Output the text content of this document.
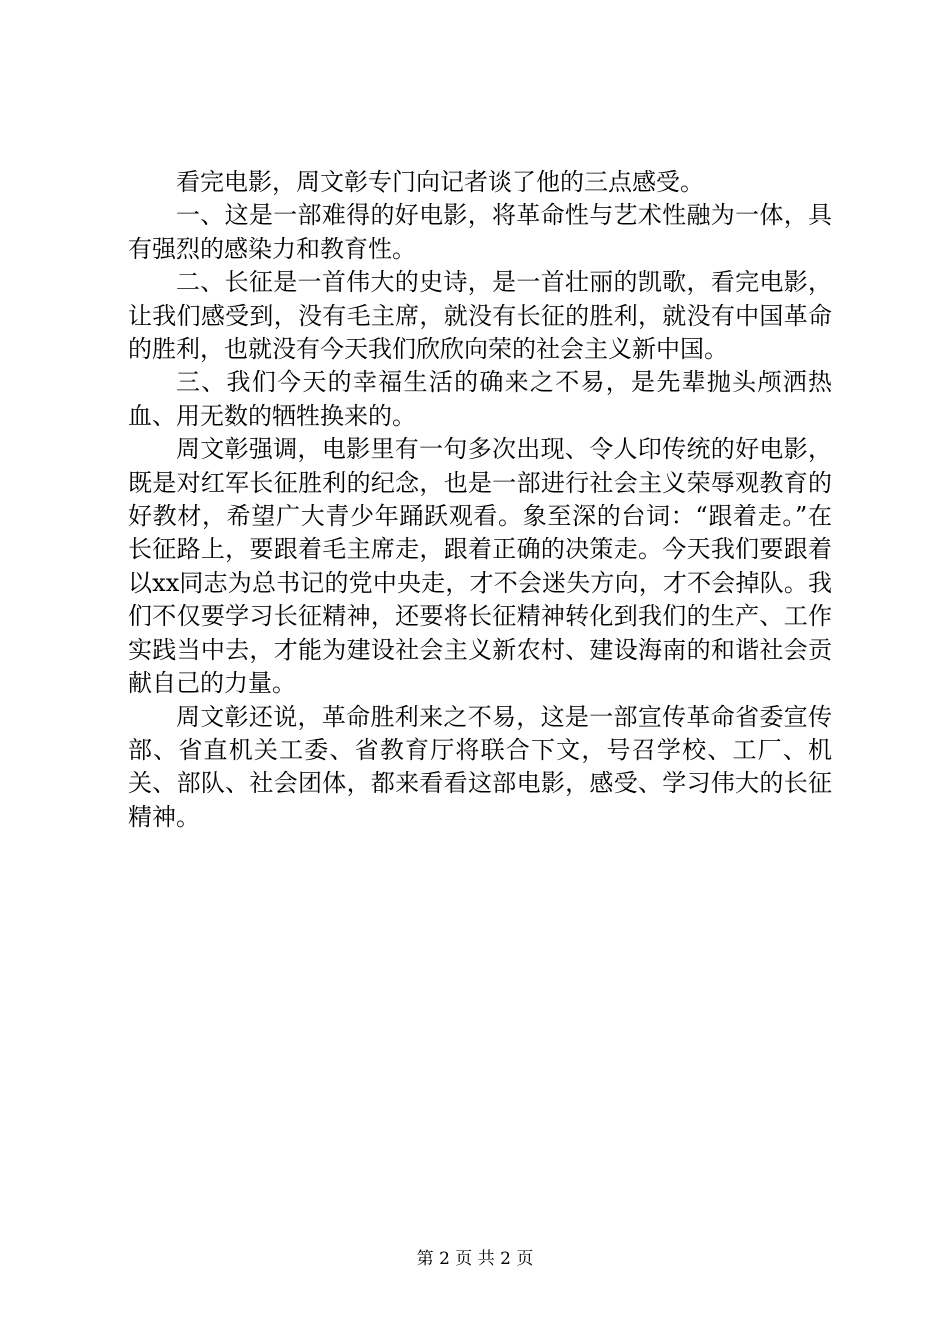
看完电影，周文彰专门向记者谈了他的三点感受。

一、这是一部难得的好电影，将革命性与艺术性融为一体，具有强烈的感染力和教育性。

二、长征是一首伟大的史诗，是一首壮丽的凯歌，看完电影，让我们感受到，没有毛主席，就没有长征的胜利，就没有中国革命的胜利，也就没有今天我们欣欣向荣的社会主义新中国。

三、我们今天的幸福生活的确来之不易，是先辈抛头颅洒热血、用无数的牺牲换来的。

周文彰强调，电影里有一句多次出现、令人印传统的好电影，既是对红军长征胜利的纪念，也是一部进行社会主义荣辱观教育的好教材，希望广大青少年踊跃观看。象至深的台词：“跟着走。”在长征路上，要跟着毛主席走，跟着正确的决策走。今天我们要跟着以xx同志为总书记的党中央走，才不会迷失方向，才不会掉队。我们不仅要学习长征精神，还要将长征精神转化到我们的生产、工作实践当中去，才能为建设社会主义新农村、建设海南的和谐社会贡献自己的力量。

周文彰还说，革命胜利来之不易，这是一部宣传革命省委宣传部、省直机关工委、省教育厅将联合下文，号召学校、工厂、机关、部队、社会团体，都来看看这部电影，感受、学习伟大的长征精神。

第 2 页 共 2 页
